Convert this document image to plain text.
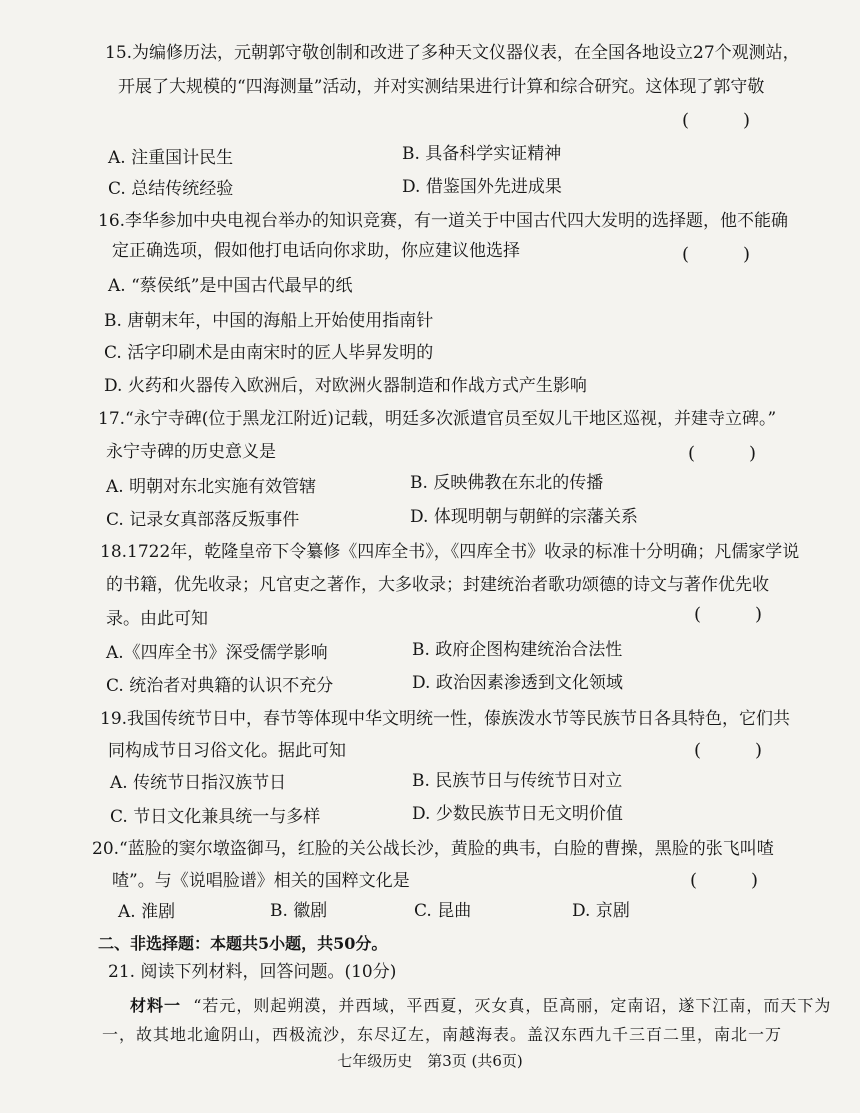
15.为编修历法，元朝郭守敬创制和改进了多种天文仪器仪表，在全国各地设立27个观测站，
开展了大规模的“四海测量”活动，并对实测结果进行计算和综合研究。这体现了郭守敬
(　　)
A. 注重国计民生	B. 具备科学实证精神
C. 总结传统经验	D. 借鉴国外先进成果
16.李华参加中央电视台举办的知识竞赛，有一道关于中国古代四大发明的选择题，他不能确
定正确选项，假如他打电话向你求助，你应建议他选择	(　　)
A. “蔡侯纸”是中国古代最早的纸
B. 唐朝末年，中国的海船上开始使用指南针
C. 活字印刷术是由南宋时的匠人毕昇发明的
D. 火药和火器传入欧洲后，对欧洲火器制造和作战方式产生影响
17.“永宁寺碑(位于黑龙江附近)记载，明廷多次派遣官员至奴儿干地区巡视，并建寺立碑。”
永宁寺碑的历史意义是	(　　)
A. 明朝对东北实施有效管辖	B. 反映佛教在东北的传播
C. 记录女真部落反叛事件	D. 体现明朝与朝鲜的宗藩关系
18.1722年，乾隆皇帝下令纂修《四库全书》，《四库全书》收录的标准十分明确；凡儒家学说
的书籍，优先收录；凡官吏之著作，大多收录；封建统治者歌功颂德的诗文与著作优先收
录。由此可知	(　　)
A.《四库全书》深受儒学影响	B. 政府企图构建统治合法性
C. 统治者对典籍的认识不充分	D. 政治因素渗透到文化领域
19.我国传统节日中，春节等体现中华文明统一性，傣族泼水节等民族节日各具特色，它们共
同构成节日习俗文化。据此可知	(　　)
A. 传统节日指汉族节日	B. 民族节日与传统节日对立
C. 节日文化兼具统一与多样	D. 少数民族节日无文明价值
20.“蓝脸的窦尔墩盗御马，红脸的关公战长沙，黄脸的典韦，白脸的曹操，黑脸的张飞叫喳
喳”。与《说唱脸谱》相关的国粹文化是	(　　)
A. 淮剧	B. 徽剧	C. 昆曲	D. 京剧
二、非选择题：本题共5小题，共50分。
21. 阅读下列材料，回答问题。(10分)
材料一 “若元，则起朔漠，并西域，平西夏，灭女真，臣高丽，定南诏，遂下江南，而天下为
一，故其地北逾阴山，西极流沙，东尽辽左，南越海表。盖汉东西九千三百二里，南北一万
七年级历史　第3页 (共6页)
